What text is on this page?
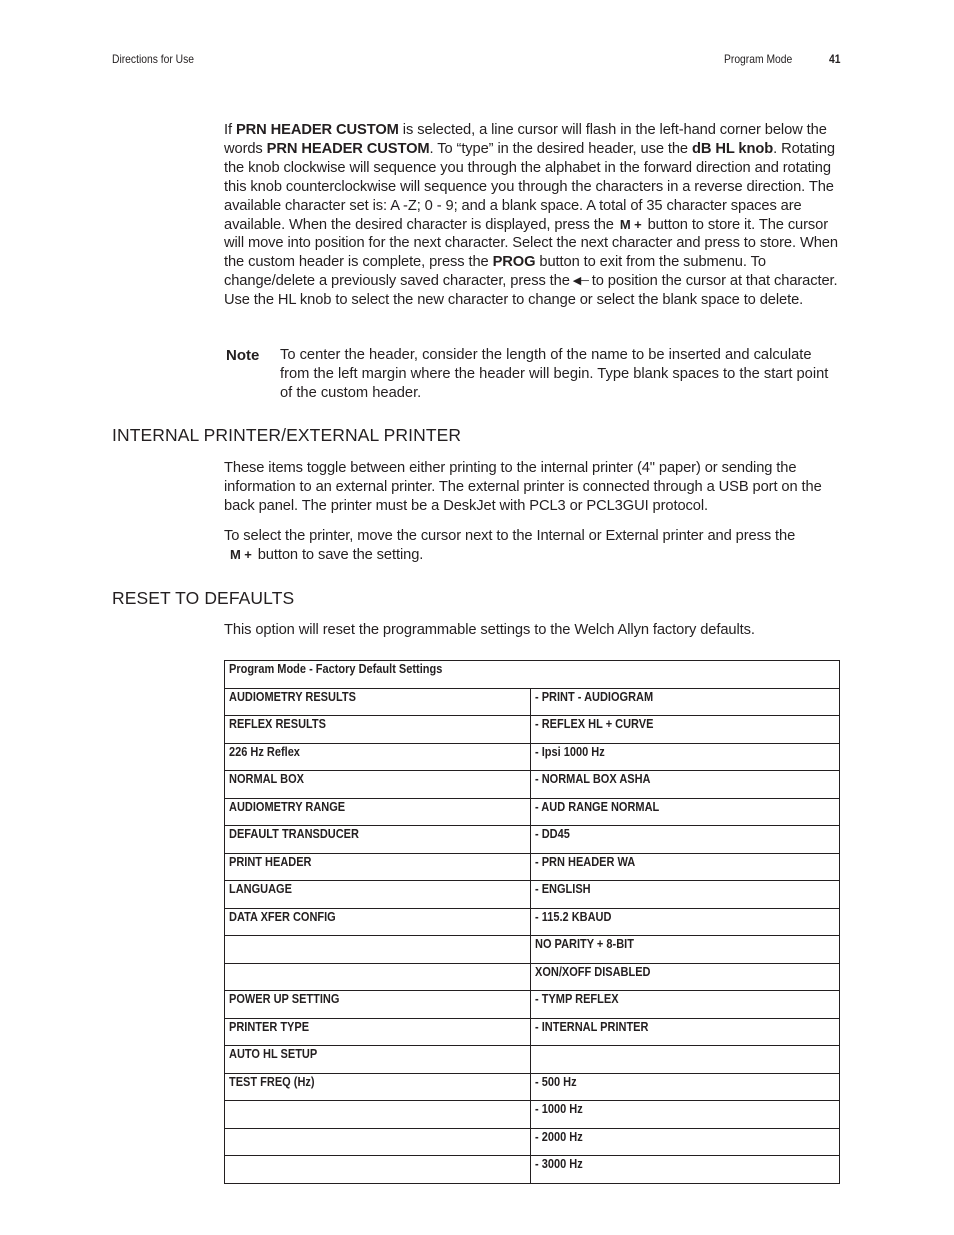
Directions for Use	Program Mode	41
If PRN HEADER CUSTOM is selected, a line cursor will flash in the left-hand corner below the words PRN HEADER CUSTOM. To “type” in the desired header, use the dB HL knob. Rotating the knob clockwise will sequence you through the alphabet in the forward direction and rotating this knob counterclockwise will sequence you through the characters in a reverse direction. The available character set is: A -Z; 0 - 9; and a blank space. A total of 35 character spaces are available. When the desired character is displayed, press the M + button to store it. The cursor will move into position for the next character. Select the next character and press to store. When the custom header is complete, press the PROG button to exit from the submenu. To change/delete a previously saved character, press the ◀─ to position the cursor at that character. Use the HL knob to select the new character to change or select the blank space to delete.
Note To center the header, consider the length of the name to be inserted and calculate from the left margin where the header will begin. Type blank spaces to the start point of the custom header.
INTERNAL PRINTER/EXTERNAL PRINTER
These items toggle between either printing to the internal printer (4" paper) or sending the information to an external printer. The external printer is connected through a USB port on the back panel. The printer must be a DeskJet with PCL3 or PCL3GUI protocol.
To select the printer, move the cursor next to the Internal or External printer and press the
M + button to save the setting.
RESET TO DEFAULTS
This option will reset the programmable settings to the Welch Allyn factory defaults.
Program Mode - Factory Default Settings	
AUDIOMETRY RESULTS	- PRINT - AUDIOGRAM
REFLEX RESULTS	- REFLEX HL + CURVE
226 Hz Reflex	- Ipsi 1000 Hz
NORMAL BOX	- NORMAL BOX ASHA
AUDIOMETRY RANGE	- AUD RANGE NORMAL
DEFAULT TRANSDUCER	- DD45
PRINT HEADER	- PRN HEADER WA
LANGUAGE	- ENGLISH
DATA XFER CONFIG	- 115.2 KBAUD
	NO PARITY + 8-BIT
	XON/XOFF DISABLED
POWER UP SETTING	- TYMP REFLEX
PRINTER TYPE	- INTERNAL PRINTER
AUTO HL SETUP	
TEST FREQ (Hz)	- 500 Hz
	- 1000 Hz
	- 2000 Hz
	- 3000 Hz
